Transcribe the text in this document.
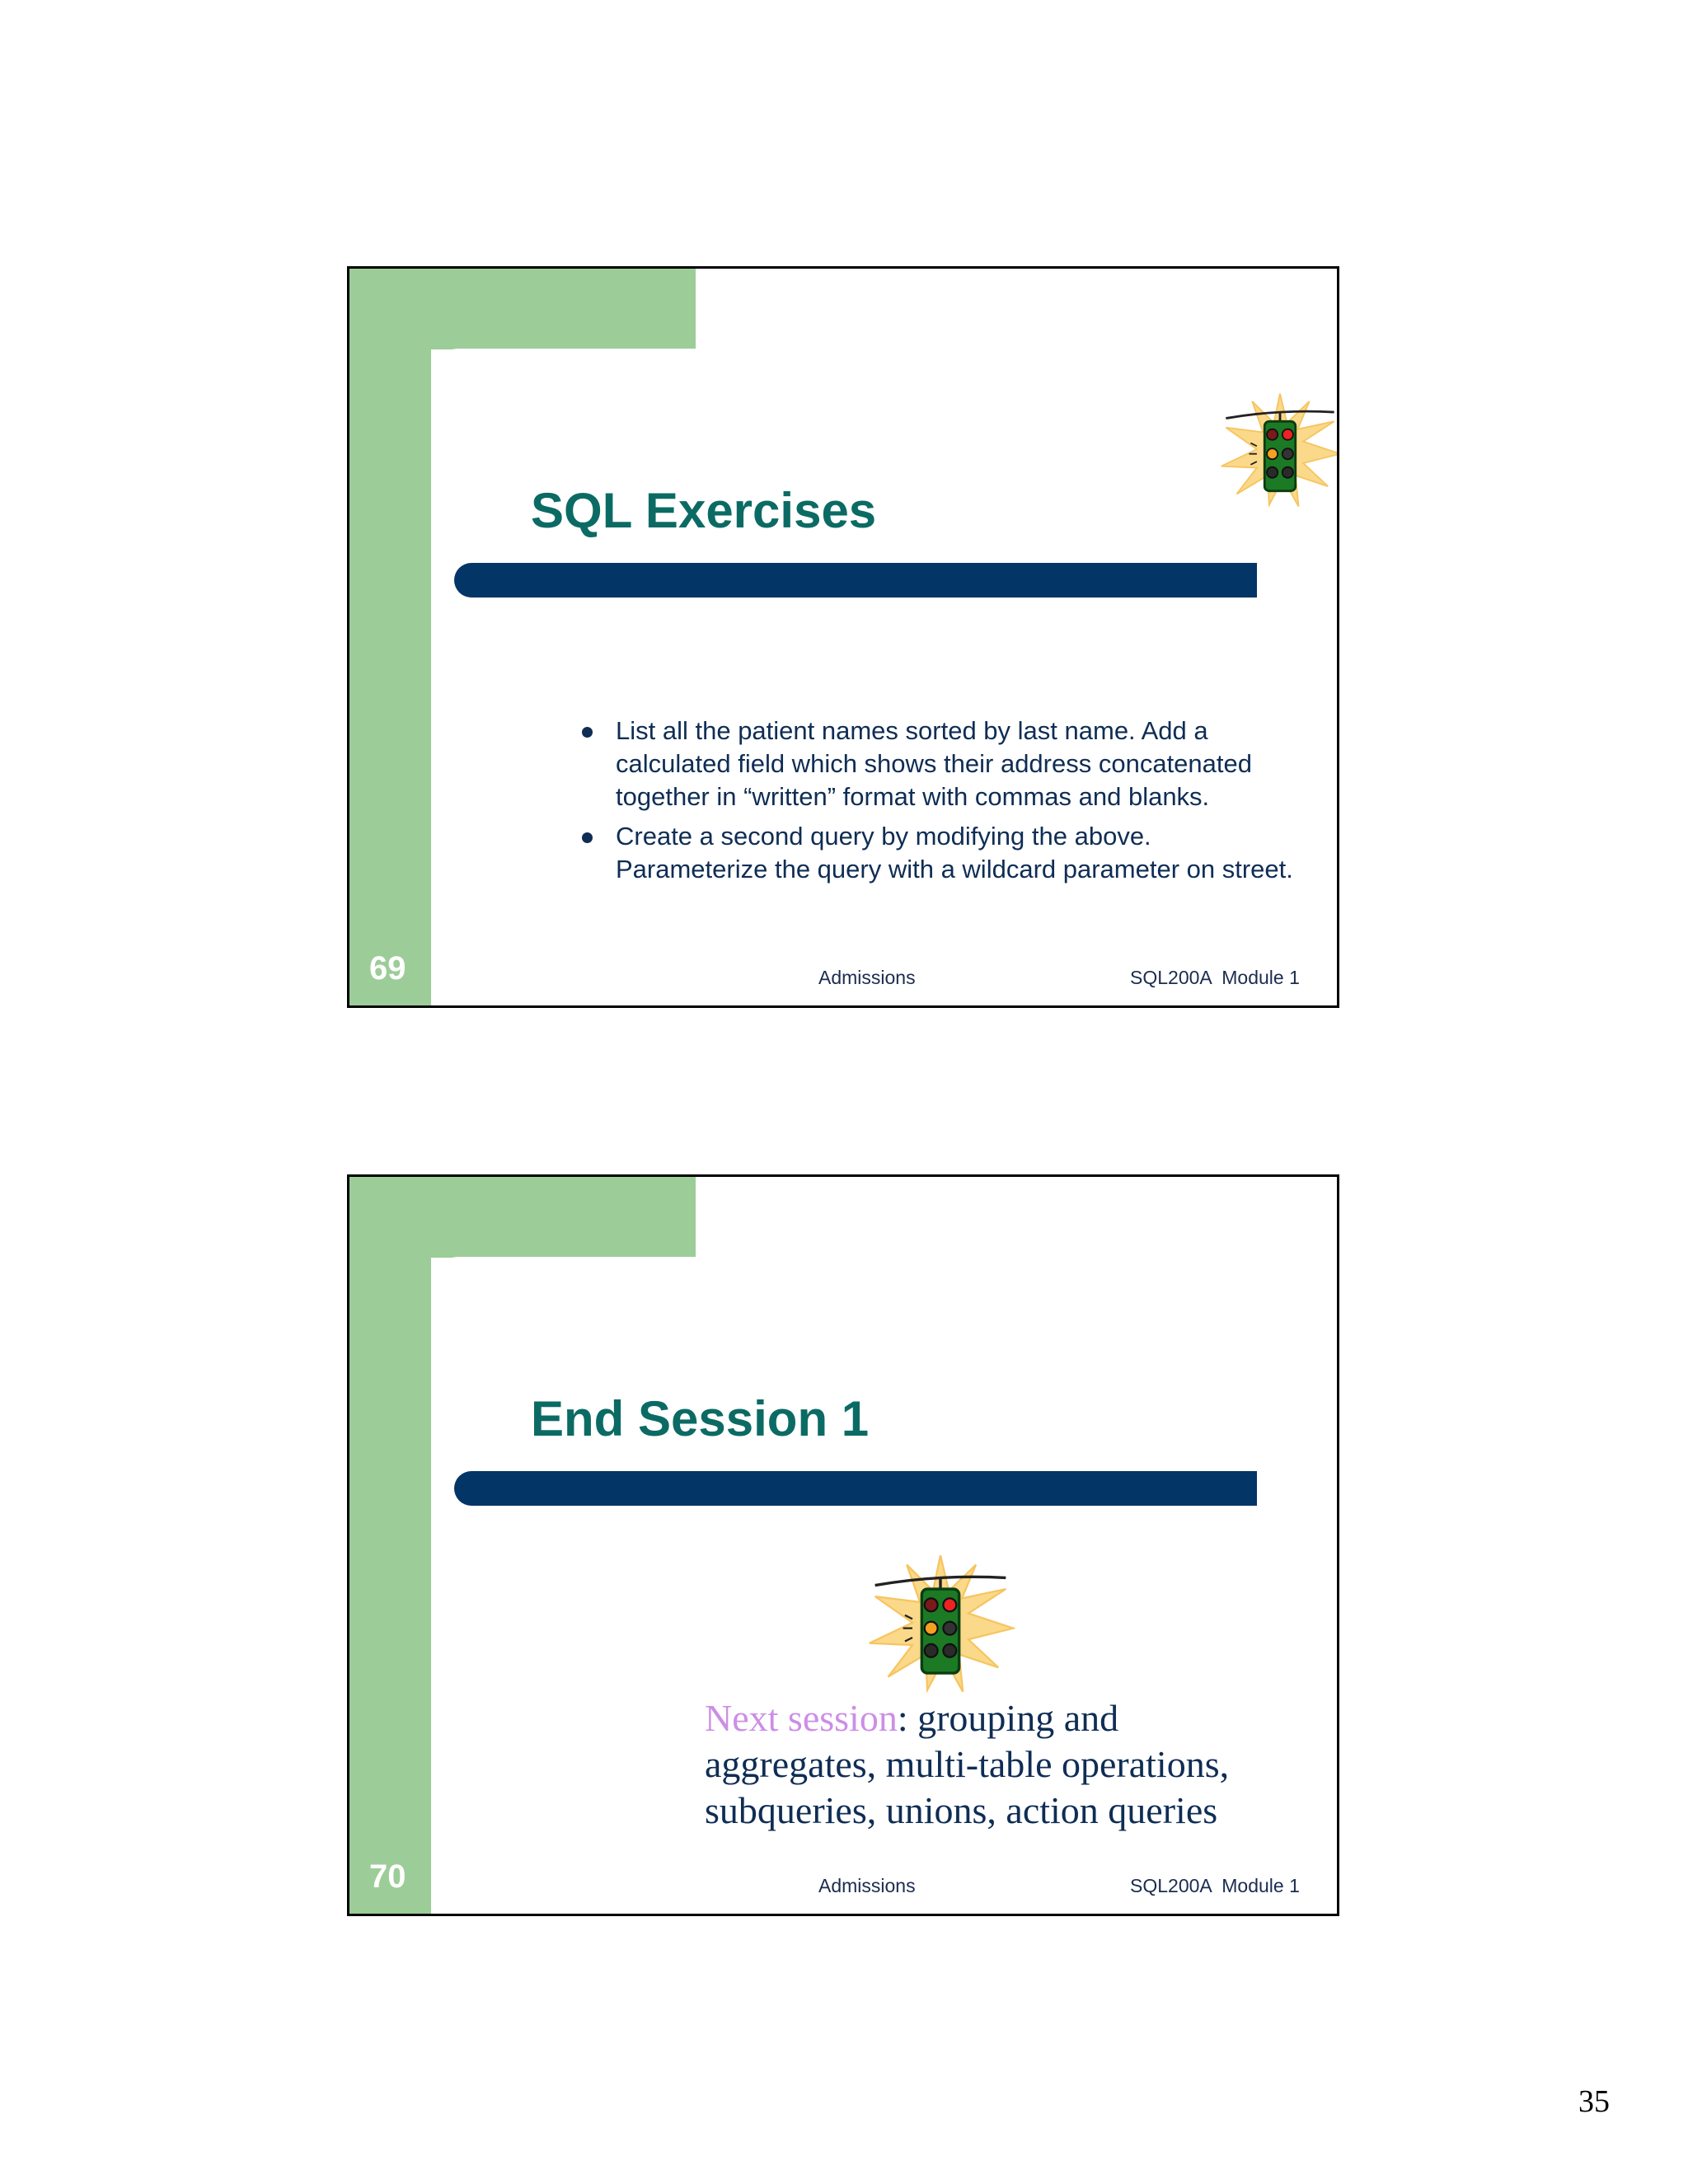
SQL Exercises
List all the patient names sorted by last name. Add a calculated field which shows their address concatenated together in “written” format with commas and blanks.
Create a second query by modifying the above. Parameterize the query with a wildcard parameter on street.
Admissions	SQL200A  Module 1
69
End Session 1
Next session: grouping and aggregates, multi-table operations, subqueries, unions, action queries
Admissions	SQL200A  Module 1
70
35
